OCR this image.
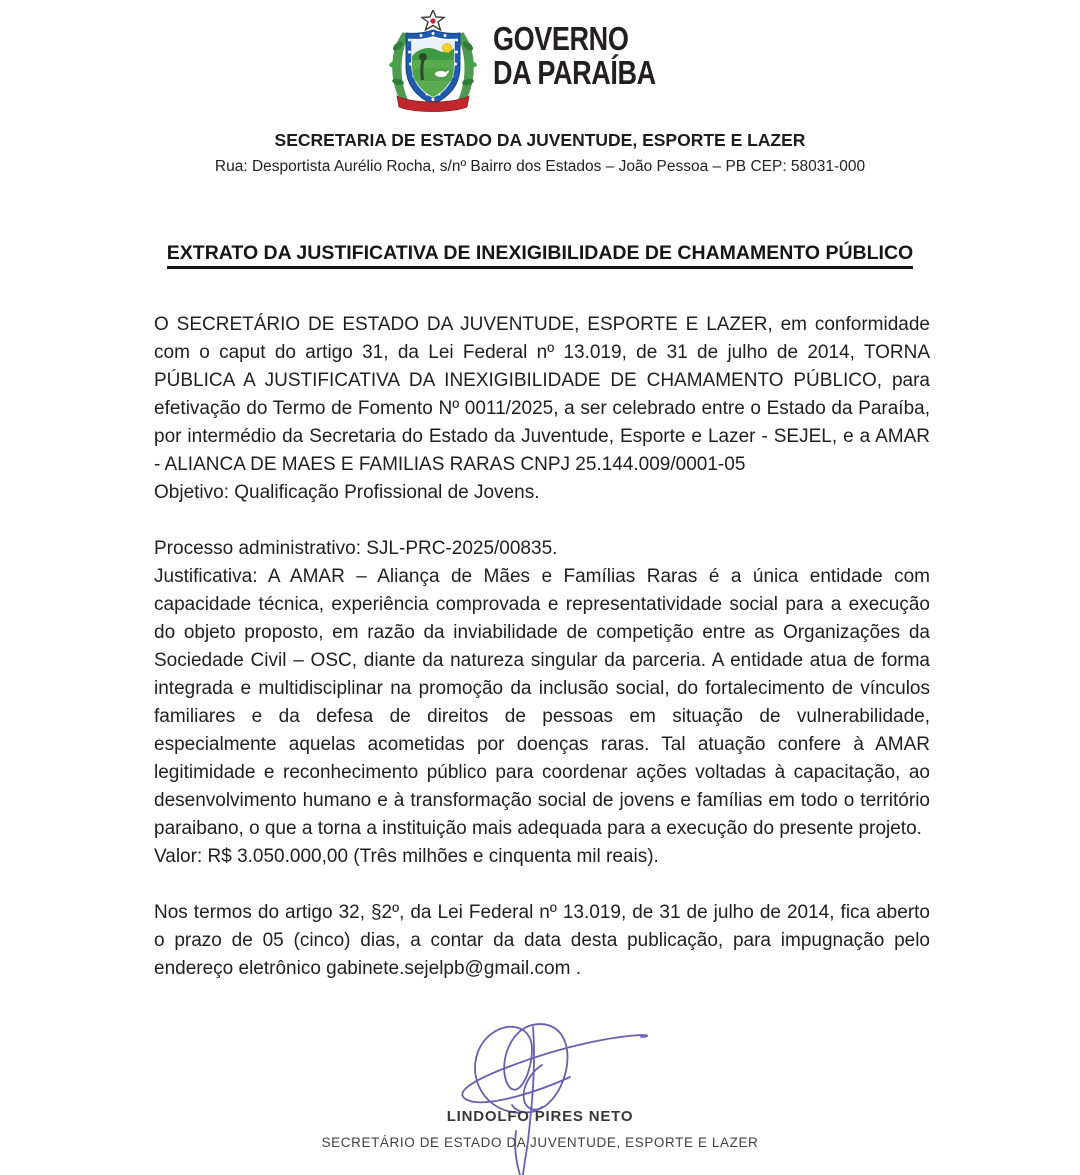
GOVERNO
DA PARAÍBA
SECRETARIA DE ESTADO DA JUVENTUDE, ESPORTE E LAZER
Rua: Desportista Aurélio Rocha, s/nº Bairro dos Estados – João Pessoa – PB CEP: 58031-000
EXTRATO DA JUSTIFICATIVA DE INEXIGIBILIDADE DE CHAMAMENTO PÚBLICO

O SECRETÁRIO DE ESTADO DA JUVENTUDE, ESPORTE E LAZER, em conformidade com o caput do artigo 31, da Lei Federal nº 13.019, de 31 de julho de 2014, TORNA PÚBLICA A JUSTIFICATIVA DA INEXIGIBILIDADE DE CHAMAMENTO PÚBLICO, para efetivação do Termo de Fomento Nº 0011/2025, a ser celebrado entre o Estado da Paraíba, por intermédio da Secretaria do Estado da Juventude, Esporte e Lazer - SEJEL, e a AMAR - ALIANCA DE MAES E FAMILIAS RARAS CNPJ 25.144.009/0001-05

Objetivo: Qualificação Profissional de Jovens.

Processo administrativo: SJL-PRC-2025/00835.

Justificativa: A AMAR – Aliança de Mães e Famílias Raras é a única entidade com capacidade técnica, experiência comprovada e representatividade social para a execução do objeto proposto, em razão da inviabilidade de competição entre as Organizações da Sociedade Civil – OSC, diante da natureza singular da parceria. A entidade atua de forma integrada e multidisciplinar na promoção da inclusão social, do fortalecimento de vínculos familiares e da defesa de direitos de pessoas em situação de vulnerabilidade, especialmente aquelas acometidas por doenças raras. Tal atuação confere à AMAR legitimidade e reconhecimento público para coordenar ações voltadas à capacitação, ao desenvolvimento humano e à transformação social de jovens e famílias em todo o território paraibano, o que a torna a instituição mais adequada para a execução do presente projeto.

Valor: R$ 3.050.000,00 (Três milhões e cinquenta mil reais).

Nos termos do artigo 32, §2º, da Lei Federal nº 13.019, de 31 de julho de 2014, fica aberto o prazo de 05 (cinco) dias, a contar da data desta publicação, para impugnação pelo endereço eletrônico gabinete.sejelpb@gmail.com .

LINDOLFO PIRES NETO
SECRETÁRIO DE ESTADO DA JUVENTUDE, ESPORTE E LAZER
